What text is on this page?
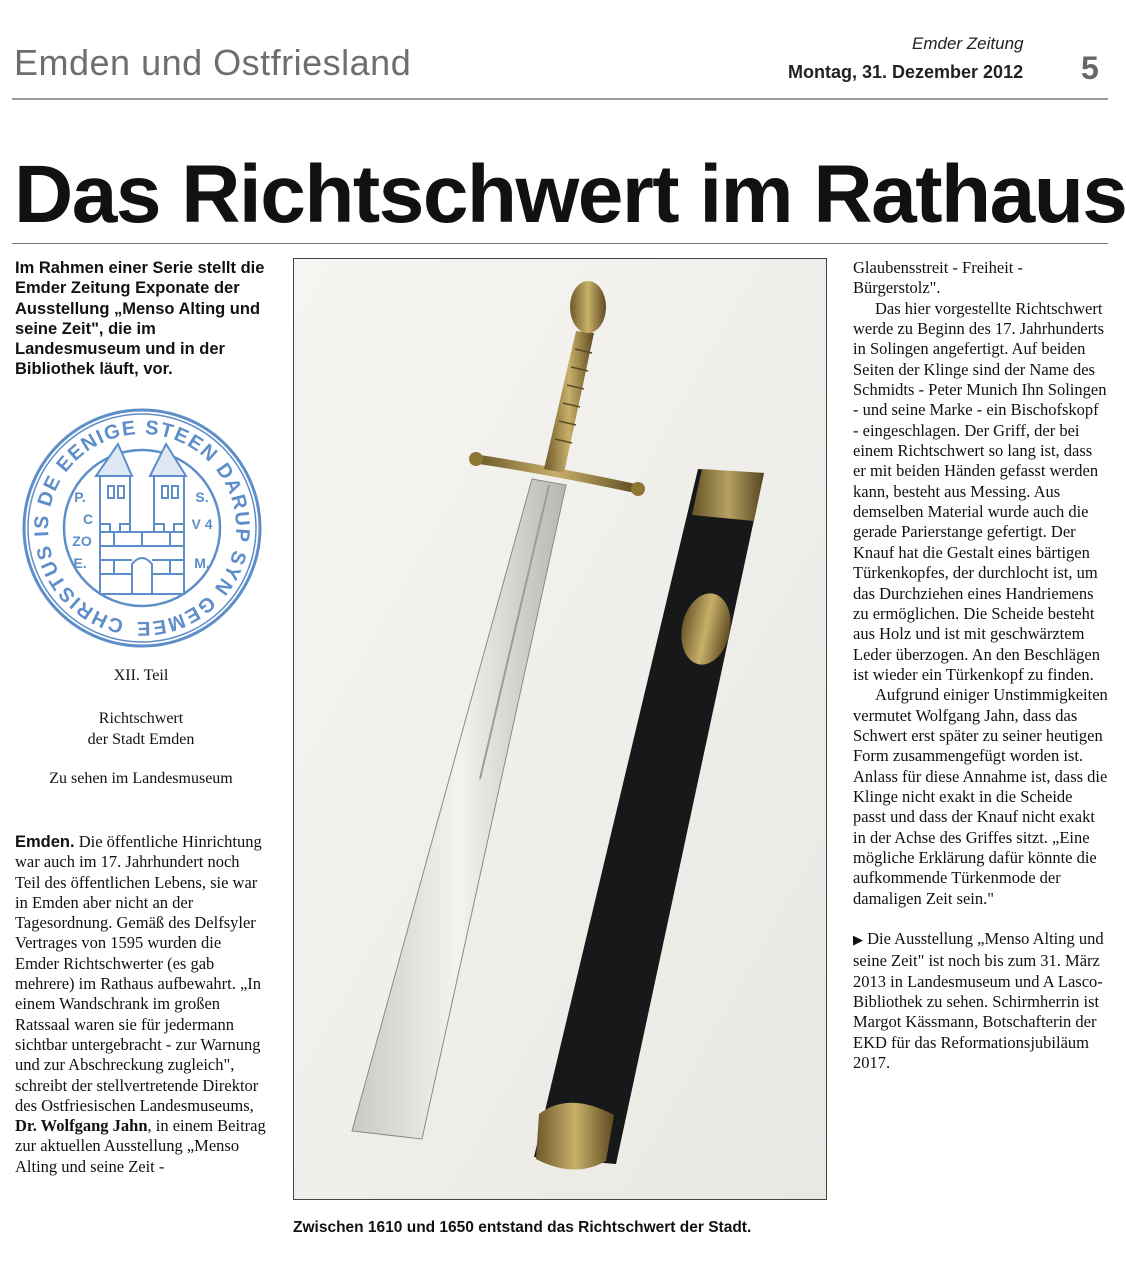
Emden und Ostfriesland	Emder Zeitung
Montag, 31. Dezember 2012 5
Das Richtschwert im Rathaus
Im Rahmen einer Serie stellt die Emder Zeitung Exponate der Ausstellung „Menso Alting und seine Zeit", die im Landesmuseum und in der Bibliothek läuft, vor.
CHRISTUS IS DE EENIGE STEEN DARUP SYN GEMEE
P.
C
ZO
E.
S.
V 4
M.
XII. Teil
Richtschwert
der Stadt Emden
Zu sehen im Landesmuseum

Emden. Die öffentliche Hinrichtung war auch im 17. Jahrhundert noch Teil des öffentlichen Lebens, sie war in Emden aber nicht an der Tagesordnung. Gemäß des Delfsyler Vertrages von 1595 wurden die Emder Richtschwerter (es gab mehrere) im Rathaus aufbewahrt. „In einem Wandschrank im großen Ratssaal waren sie für jedermann sichtbar untergebracht - zur Warnung und zur Abschreckung zugleich", schreibt der stellvertretende Direktor des Ostfriesischen Landesmuseums, Dr. Wolfgang Jahn, in einem Beitrag zur aktuellen Ausstellung „Menso Alting und seine Zeit -

Zwischen 1610 und 1650 entstand das Richtschwert der Stadt.

Glaubensstreit - Freiheit - Bürgerstolz".

Das hier vorgestellte Richtschwert werde zu Beginn des 17. Jahrhunderts in Solingen angefertigt. Auf beiden Seiten der Klinge sind der Name des Schmidts - Peter Munich Ihn Solingen - und seine Marke - ein Bischofskopf - eingeschlagen. Der Griff, der bei einem Richtschwert so lang ist, dass er mit beiden Händen gefasst werden kann, besteht aus Messing. Aus demselben Material wurde auch die gerade Parierstange gefertigt. Der Knauf hat die Gestalt eines bärtigen Türkenkopfes, der durchlocht ist, um das Durchziehen eines Handriemens zu ermöglichen. Die Scheide besteht aus Holz und ist mit geschwärztem Leder überzogen. An den Beschlägen ist wieder ein Türkenkopf zu finden.

Aufgrund einiger Unstimmigkeiten vermutet Wolfgang Jahn, dass das Schwert erst später zu seiner heutigen Form zusammengefügt worden ist. Anlass für diese Annahme ist, dass die Klinge nicht exakt in die Scheide passt und dass der Knauf nicht exakt in der Achse des Griffes sitzt. „Eine mögliche Erklärung dafür könnte die aufkommende Türkenmode der damaligen Zeit sein."

▶ Die Ausstellung „Menso Alting und seine Zeit" ist noch bis zum 31. März 2013 in Landesmuseum und A Lasco-Bibliothek zu sehen. Schirmherrin ist Margot Kässmann, Botschafterin der EKD für das Reformationsjubiläum 2017.
